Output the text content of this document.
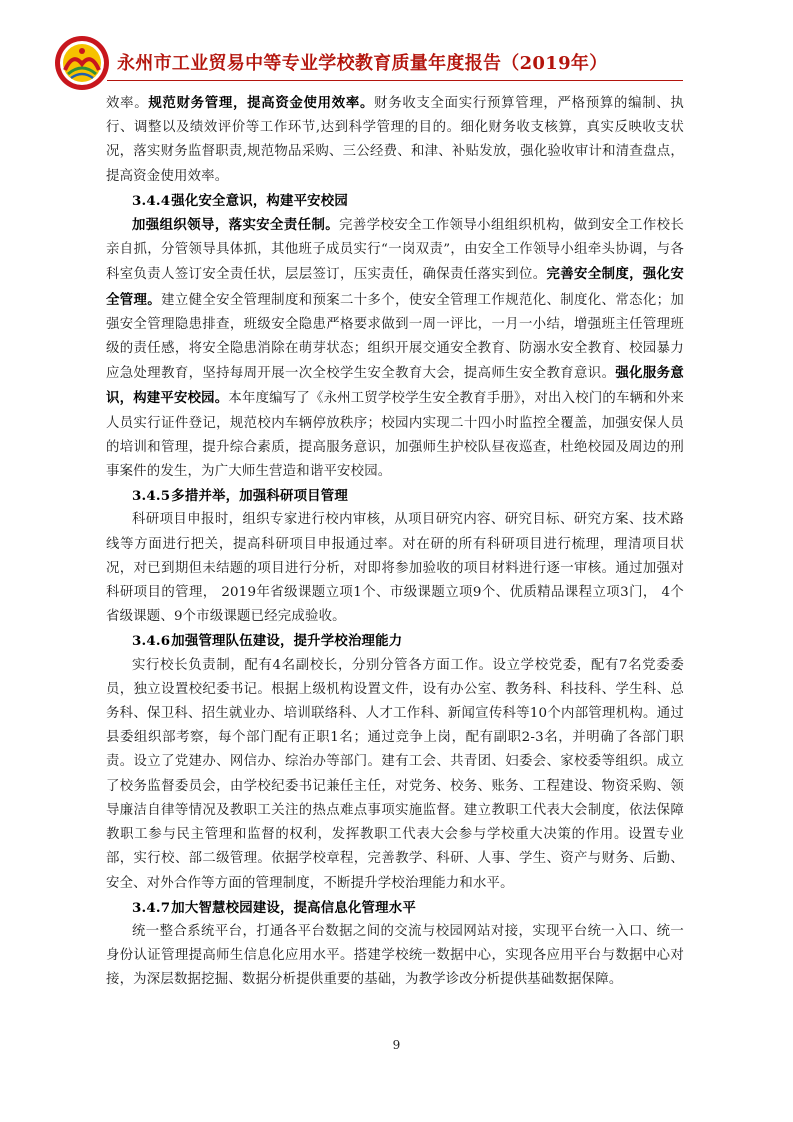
永州市工业贸易中等专业学校教育质量年度报告（2019年）

效率。规范财务管理，提高资金使用效率。财务收支全面实行预算管理，严格预算的编制、执行、调整以及绩效评价等工作环节,达到科学管理的目的。细化财务收支核算，真实反映收支状况，落实财务监督职责,规范物品采购、三公经费、和津、补贴发放，强化验收审计和清查盘点，提高资金使用效率。

3.4.4强化安全意识，构建平安校园

加强组织领导，落实安全责任制。完善学校安全工作领导小组组织机构，做到安全工作校长亲自抓，分管领导具体抓，其他班子成员实行“一岗双责”，由安全工作领导小组牵头协调，与各科室负责人签订安全责任状，层层签订，压实责任，确保责任落实到位。完善安全制度，强化安全管理。建立健全安全管理制度和预案二十多个，使安全管理工作规范化、制度化、常态化；加强安全管理隐患排查，班级安全隐患严格要求做到一周一评比，一月一小结，增强班主任管理班级的责任感，将安全隐患消除在萌芽状态；组织开展交通安全教育、防溺水安全教育、校园暴力应急处理教育，坚持每周开展一次全校学生安全教育大会，提高师生安全教育意识。强化服务意识，构建平安校园。本年度编写了《永州工贸学校学生安全教育手册》，对出入校门的车辆和外来人员实行证件登记，规范校内车辆停放秩序；校园内实现二十四小时监控全覆盖，加强安保人员的培训和管理，提升综合素质，提高服务意识，加强师生护校队昼夜巡查，杜绝校园及周边的刑事案件的发生，为广大师生营造和谐平安校园。

3.4.5多措并举，加强科研项目管理

科研项目申报时，组织专家进行校内审核，从项目研究内容、研究目标、研究方案、技术路线等方面进行把关，提高科研项目申报通过率。对在研的所有科研项目进行梳理，理清项目状况，对已到期但未结题的项目进行分析，对即将参加验收的项目材料进行逐一审核。通过加强对科研项目的管理， 2019年省级课题立项1个、市级课题立项9个、优质精品课程立项3门， 4个省级课题、9个市级课题已经完成验收。

3.4.6加强管理队伍建设，提升学校治理能力

实行校长负责制，配有4名副校长，分别分管各方面工作。设立学校党委，配有7名党委委员，独立设置校纪委书记。根据上级机构设置文件，设有办公室、教务科、科技科、学生科、总务科、保卫科、招生就业办、培训联络科、人才工作科、新闻宣传科等10个内部管理机构。通过县委组织部考察，每个部门配有正职1名；通过竞争上岗，配有副职2-3名，并明确了各部门职责。设立了党建办、网信办、综治办等部门。建有工会、共青团、妇委会、家校委等组织。成立了校务监督委员会，由学校纪委书记兼任主任，对党务、校务、账务、工程建设、物资采购、领导廉洁自律等情况及教职工关注的热点难点事项实施监督。建立教职工代表大会制度，依法保障教职工参与民主管理和监督的权利，发挥教职工代表大会参与学校重大决策的作用。设置专业部，实行校、部二级管理。依据学校章程，完善教学、科研、人事、学生、资产与财务、后勤、安全、对外合作等方面的管理制度，不断提升学校治理能力和水平。

3.4.7加大智慧校园建设，提高信息化管理水平

统一整合系统平台，打通各平台数据之间的交流与校园网站对接，实现平台统一入口、统一身份认证管理提高师生信息化应用水平。搭建学校统一数据中心，实现各应用平台与数据中心对接，为深层数据挖掘、数据分析提供重要的基础，为教学诊改分析提供基础数据保障。

9
